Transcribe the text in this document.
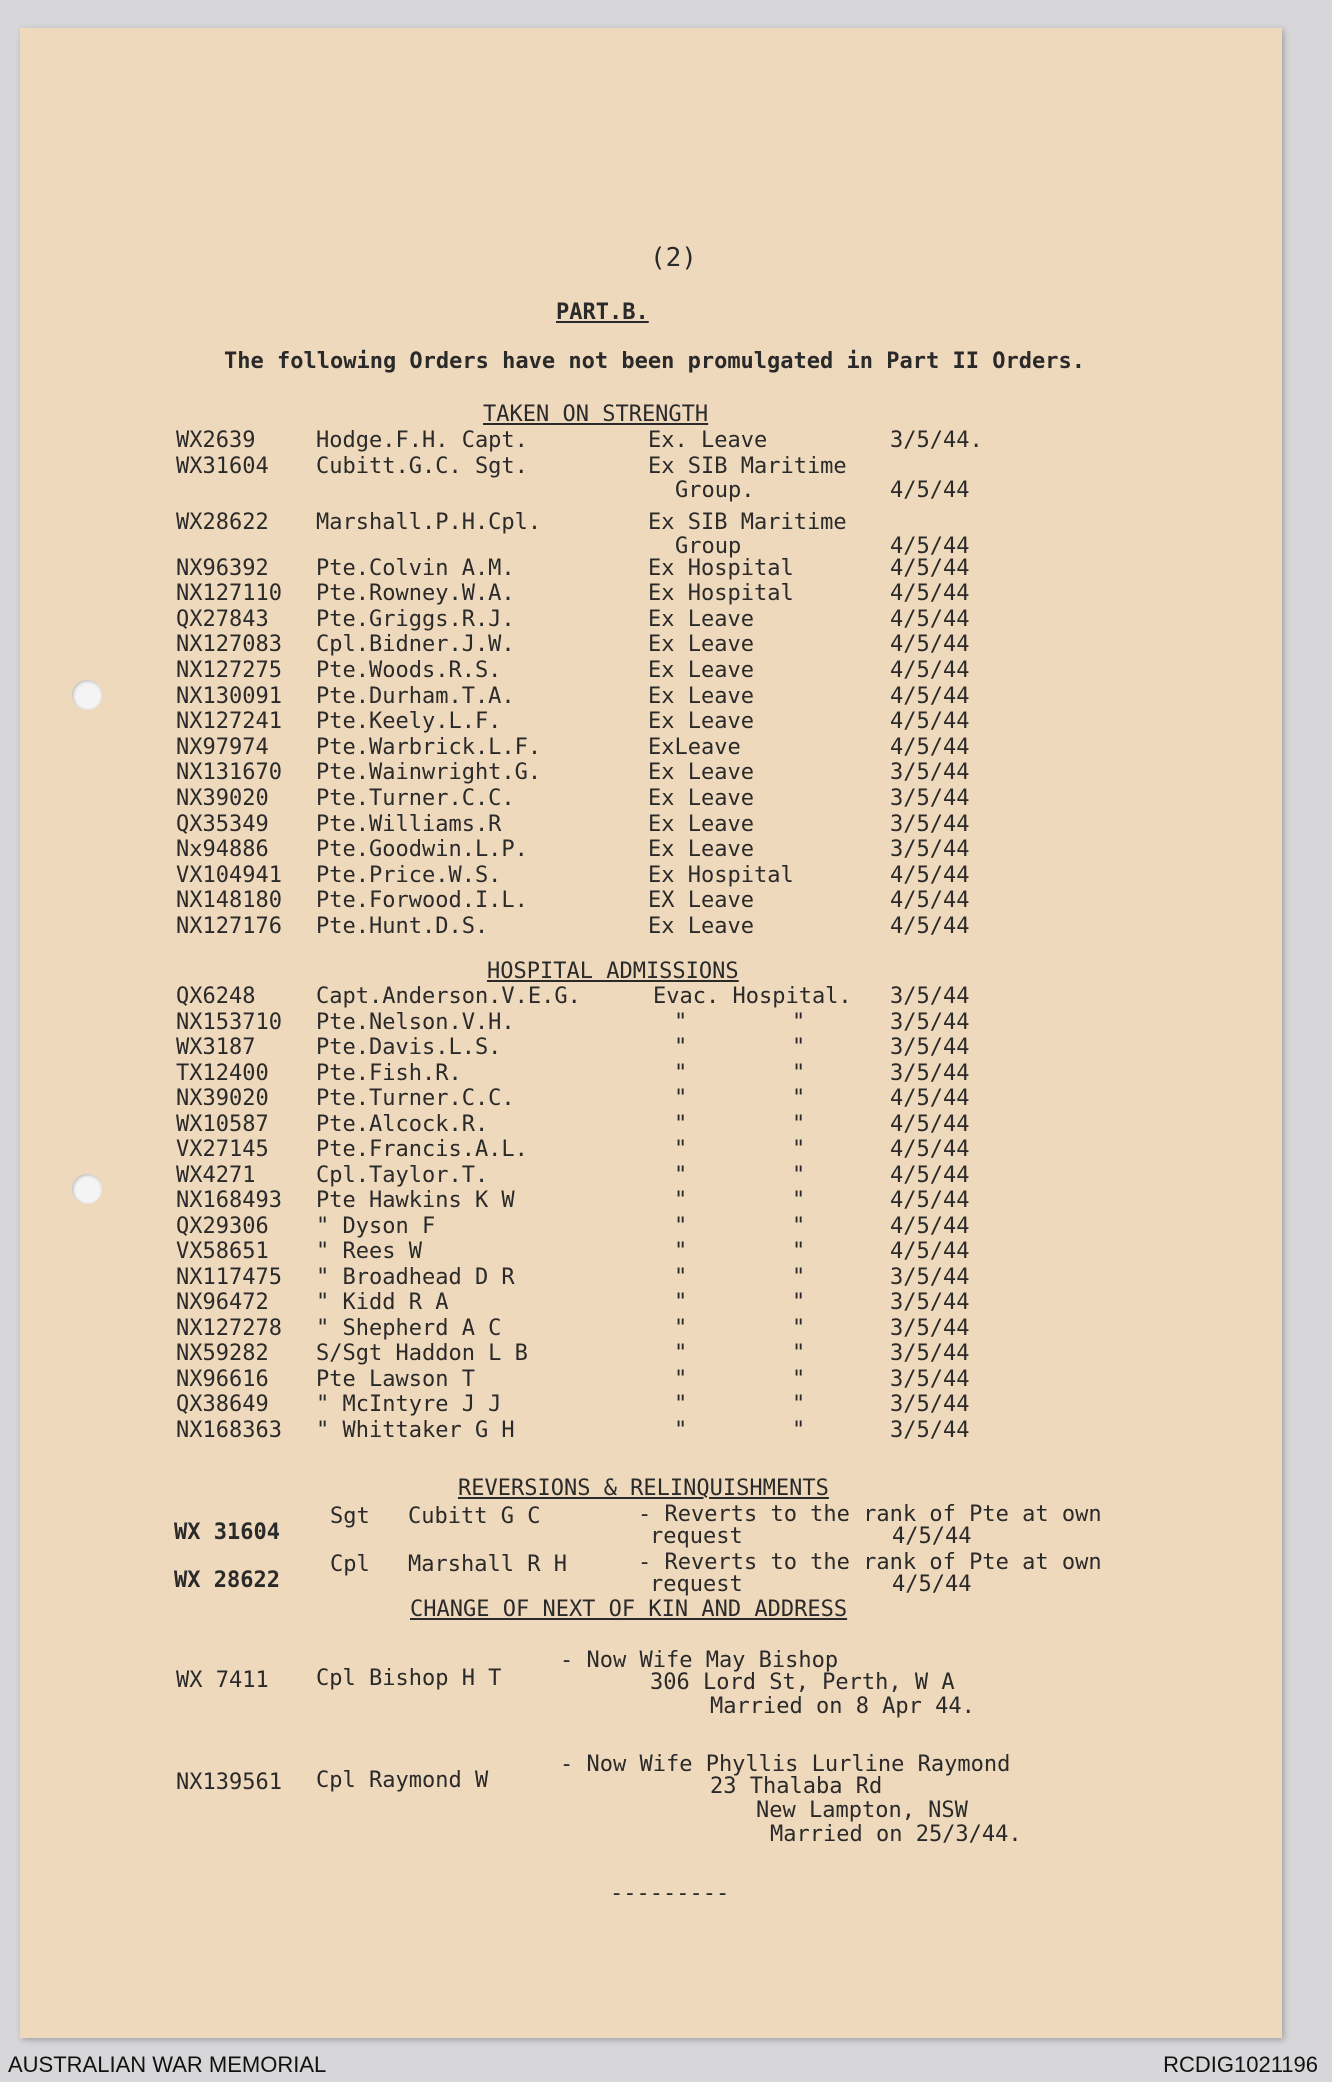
(2)
PART.B.
The following Orders have not been promulgated in Part II Orders.
TAKEN ON STRENGTH
WX2639	Hodge.F.H. Capt.	Ex. Leave	3/5/44.
WX31604 Cubitt.G.C. Sgt.	Ex SIB Maritime
Group.	4/5/44
WX28622 Marshall.P.H.Cpl.	Ex SIB Maritime
Group	4/5/44
NX96392 Pte.Colvin A.M.	Ex Hospital	4/5/44
NX127110 Pte.Rowney.W.A.	Ex Hospital	4/5/44
QX27843 Pte.Griggs.R.J.	Ex Leave	4/5/44
NX127083 Cpl.Bidner.J.W.	Ex Leave	4/5/44
NX127275 Pte.Woods.R.S.	Ex Leave	4/5/44
NX130091 Pte.Durham.T.A.	Ex Leave	4/5/44
NX127241 Pte.Keely.L.F.	Ex Leave	4/5/44
NX97974 Pte.Warbrick.L.F.	ExLeave	4/5/44
NX131670 Pte.Wainwright.G.	Ex Leave	3/5/44
NX39020 Pte.Turner.C.C.	Ex Leave	3/5/44
QX35349 Pte.Williams.R	Ex Leave	3/5/44
Nx94886 Pte.Goodwin.L.P.	Ex Leave	3/5/44
VX104941 Pte.Price.W.S.	Ex Hospital	4/5/44
NX148180 Pte.Forwood.I.L.	EX Leave	4/5/44
NX127176 Pte.Hunt.D.S.	Ex Leave	4/5/44
HOSPITAL ADMISSIONS
QX6248	Capt.Anderson.V.E.G.	Evac. Hospital. 3/5/44
NX153710 Pte.Nelson.V.H.	"	"	3/5/44
WX3187	Pte.Davis.L.S.	"	"	3/5/44
TX12400 Pte.Fish.R.	"	"	3/5/44
NX39020 Pte.Turner.C.C.	"	"	4/5/44
WX10587 Pte.Alcock.R.	"	"	4/5/44
VX27145 Pte.Francis.A.L.	"	"	4/5/44
WX4271	Cpl.Taylor.T.	"	"	4/5/44
NX168493 Pte Hawkins K W	"	"	4/5/44
QX29306 " Dyson F	"	"	4/5/44
VX58651 " Rees W	"	"	4/5/44
NX117475 " Broadhead D R	"	"	3/5/44
NX96472 " Kidd R A	"	"	3/5/44
NX127278 " Shepherd A C	"	"	3/5/44
NX59282 S/Sgt Haddon L B	"	"	3/5/44
NX96616 Pte Lawson T	"	"	3/5/44
QX38649 " McIntyre J J	"	"	3/5/44
NX168363 " Whittaker G H	"	"	3/5/44
REVERSIONS & RELINQUISHMENTS
WX 31604
Sgt Cubitt G C	- Reverts to the rank of Pte at own
request	4/5/44
WX 28622
Cpl Marshall R H	- Reverts to the rank of Pte at own
request	4/5/44
CHANGE OF NEXT OF KIN AND ADDRESS
WX 7411 Cpl Bishop H T
- Now Wife May Bishop
306 Lord St, Perth, W A
Married on 8 Apr 44.
NX139561 Cpl Raymond W
- Now Wife Phyllis Lurline Raymond
23 Thalaba Rd
New Lampton, NSW
Married on 25/3/44.
---------
AUSTRALIAN WAR MEMORIAL	RCDIG1021196
